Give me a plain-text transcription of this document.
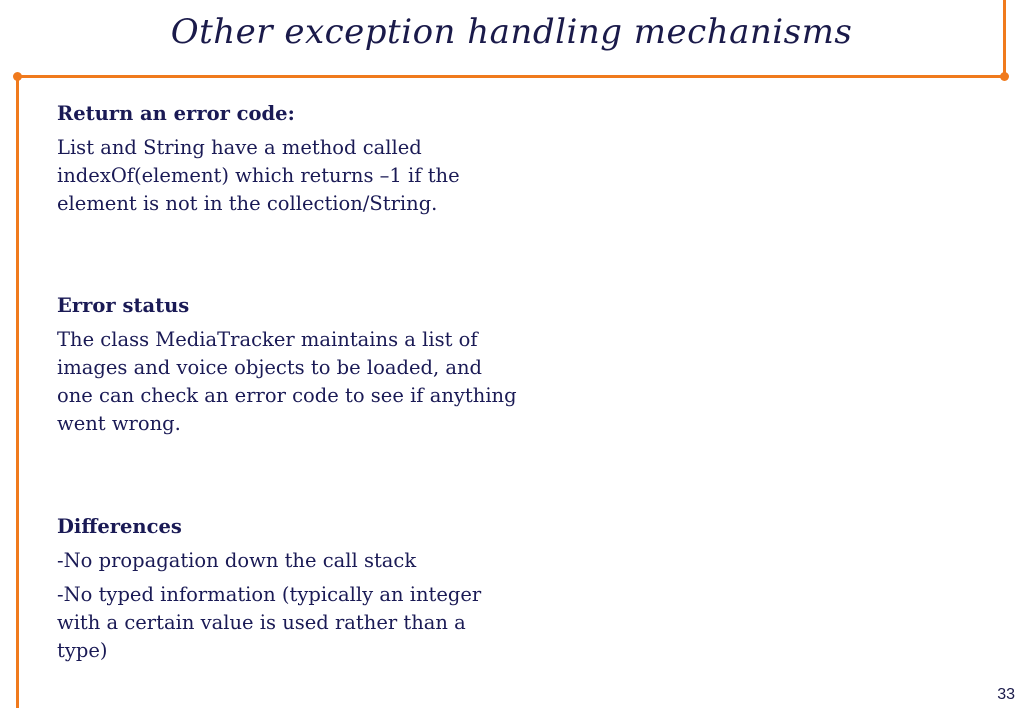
Other exception handling mechanisms

Return an error code:

List and String have a method called indexOf(element) which returns –1 if the element is not in the collection/String.

Error status

The class MediaTracker maintains a list of images and voice objects to be loaded, and one can check an error code to see if anything went wrong.

Differences

-No propagation down the call stack

-No typed information (typically an integer with a certain value is used rather than a type)

33
